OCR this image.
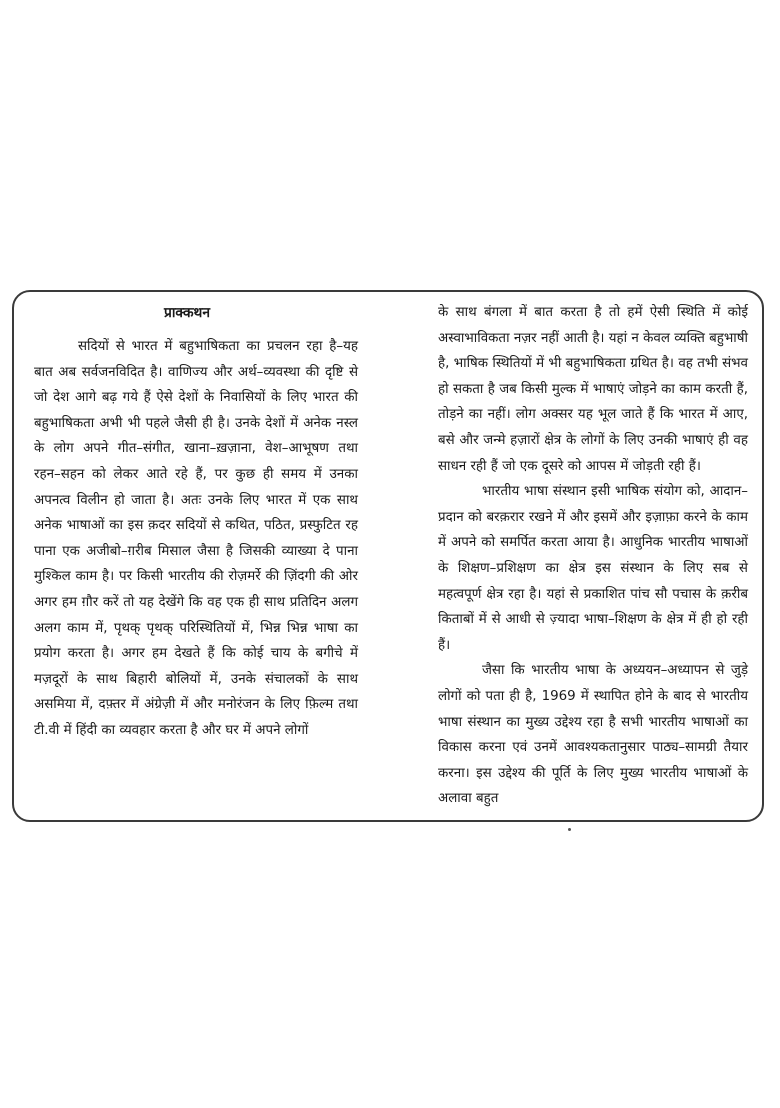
प्राक्कथन

सदियों से भारत में बहुभाषिकता का प्रचलन रहा है–यह बात अब सर्वजनविदित है। वाणिज्य और अर्थ–व्यवस्था की दृष्टि से जो देश आगे बढ़ गये हैं ऐसे देशों के निवासियों के लिए भारत की बहुभाषिकता अभी भी पहले जैसी ही है। उनके देशों में अनेक नस्ल के लोग अपने गीत–संगीत, खाना–ख़ज़ाना, वेश–आभूषण तथा रहन–सहन को लेकर आते रहे हैं, पर कुछ ही समय में उनका अपनत्व विलीन हो जाता है। अतः उनके लिए भारत में एक साथ अनेक भाषाओं का इस क़दर सदियों से कथित, पठित, प्रस्फुटित रह पाना एक अजीबो–ग़रीब मिसाल जैसा है जिसकी व्याख्या दे पाना मुश्किल काम है। पर किसी भारतीय की रोज़मर्रे की ज़िंदगी की ओर अगर हम ग़ौर करें तो यह देखेंगे कि वह एक ही साथ प्रतिदिन अलग अलग काम में, पृथक् पृथक् परिस्थितियों में, भिन्न भिन्न भाषा का प्रयोग करता है। अगर हम देखते हैं कि कोई चाय के बगीचे में मज़दूरों के साथ बिहारी बोलियों में, उनके संचालकों के साथ असमिया में, दफ़्तर में अंग्रेज़ी में और मनोरंजन के लिए फ़िल्म तथा टी.वी में हिंदी का व्यवहार करता है और घर में अपने लोगों

के साथ बंगला में बात करता है तो हमें ऐसी स्थिति में कोई अस्वाभाविकता नज़र नहीं आती है। यहां न केवल व्यक्ति बहुभाषी है, भाषिक स्थितियों में भी बहुभाषिकता ग्रथित है। वह तभी संभव हो सकता है जब किसी मुल्क में भाषाएं जोड़ने का काम करती हैं, तोड़ने का नहीं। लोग अक्सर यह भूल जाते हैं कि भारत में आए, बसे और जन्मे हज़ारों क्षेत्र के लोगों के लिए उनकी भाषाएं ही वह साधन रही हैं जो एक दूसरे को आपस में जोड़ती रही हैं।

भारतीय भाषा संस्थान इसी भाषिक संयोग को, आदान–प्रदान को बरक़रार रखने में और इसमें और इज़ाफ़ा करने के काम में अपने को समर्पित करता आया है। आधुनिक भारतीय भाषाओं के शिक्षण–प्रशिक्षण का क्षेत्र इस संस्थान के लिए सब से महत्वपूर्ण क्षेत्र रहा है। यहां से प्रकाशित पांच सौ पचास के क़रीब किताबों में से आधी से ज़्यादा भाषा–शिक्षण के क्षेत्र में ही हो रही हैं।

जैसा कि भारतीय भाषा के अध्ययन–अध्यापन से जुड़े लोगों को पता ही है, 1969 में स्थापित होने के बाद से भारतीय भाषा संस्थान का मुख्य उद्देश्य रहा है सभी भारतीय भाषाओं का विकास करना एवं उनमें आवश्यकतानुसार पाठ्य–सामग्री तैयार करना। इस उद्देश्य की पूर्ति के लिए मुख्य भारतीय भाषाओं के अलावा बहुत
